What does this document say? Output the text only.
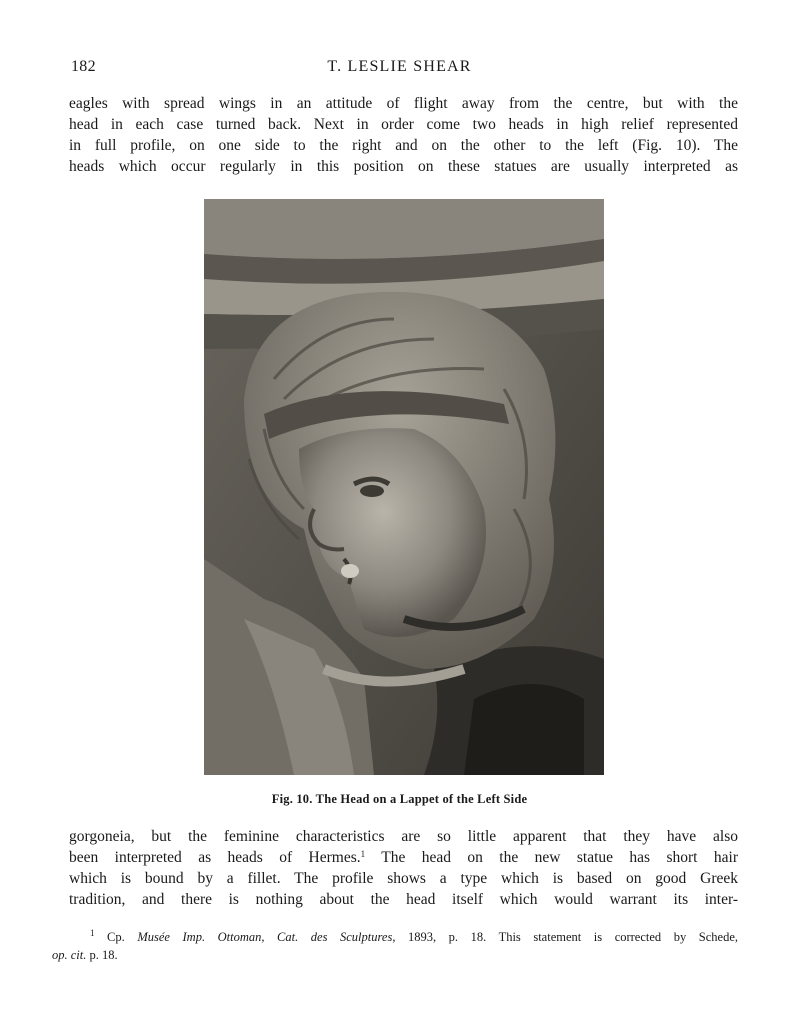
182	T. LESLIE SHEAR
eagles with spread wings in an attitude of flight away from the centre, but with the
head in each case turned back. Next in order come two heads in high relief represented
in full profile, on one side to the right and on the other to the left (Fig. 10). The
heads which occur regularly in this position on these statues are usually interpreted as
Fig. 10. The Head on a Lappet of the Left Side
gorgoneia, but the feminine characteristics are so little apparent that they have also
been interpreted as heads of Hermes.$^1$ The head on the new statue has short hair
which is bound by a fillet. The profile shows a type which is based on good Greek
tradition, and there is nothing about the head itself which would warrant its inter-
$^1$ Cp. Musée Imp. Ottoman, Cat. des Sculptures, 1893, p. 18. This statement is corrected by Schede,
op. cit. p. 18.
